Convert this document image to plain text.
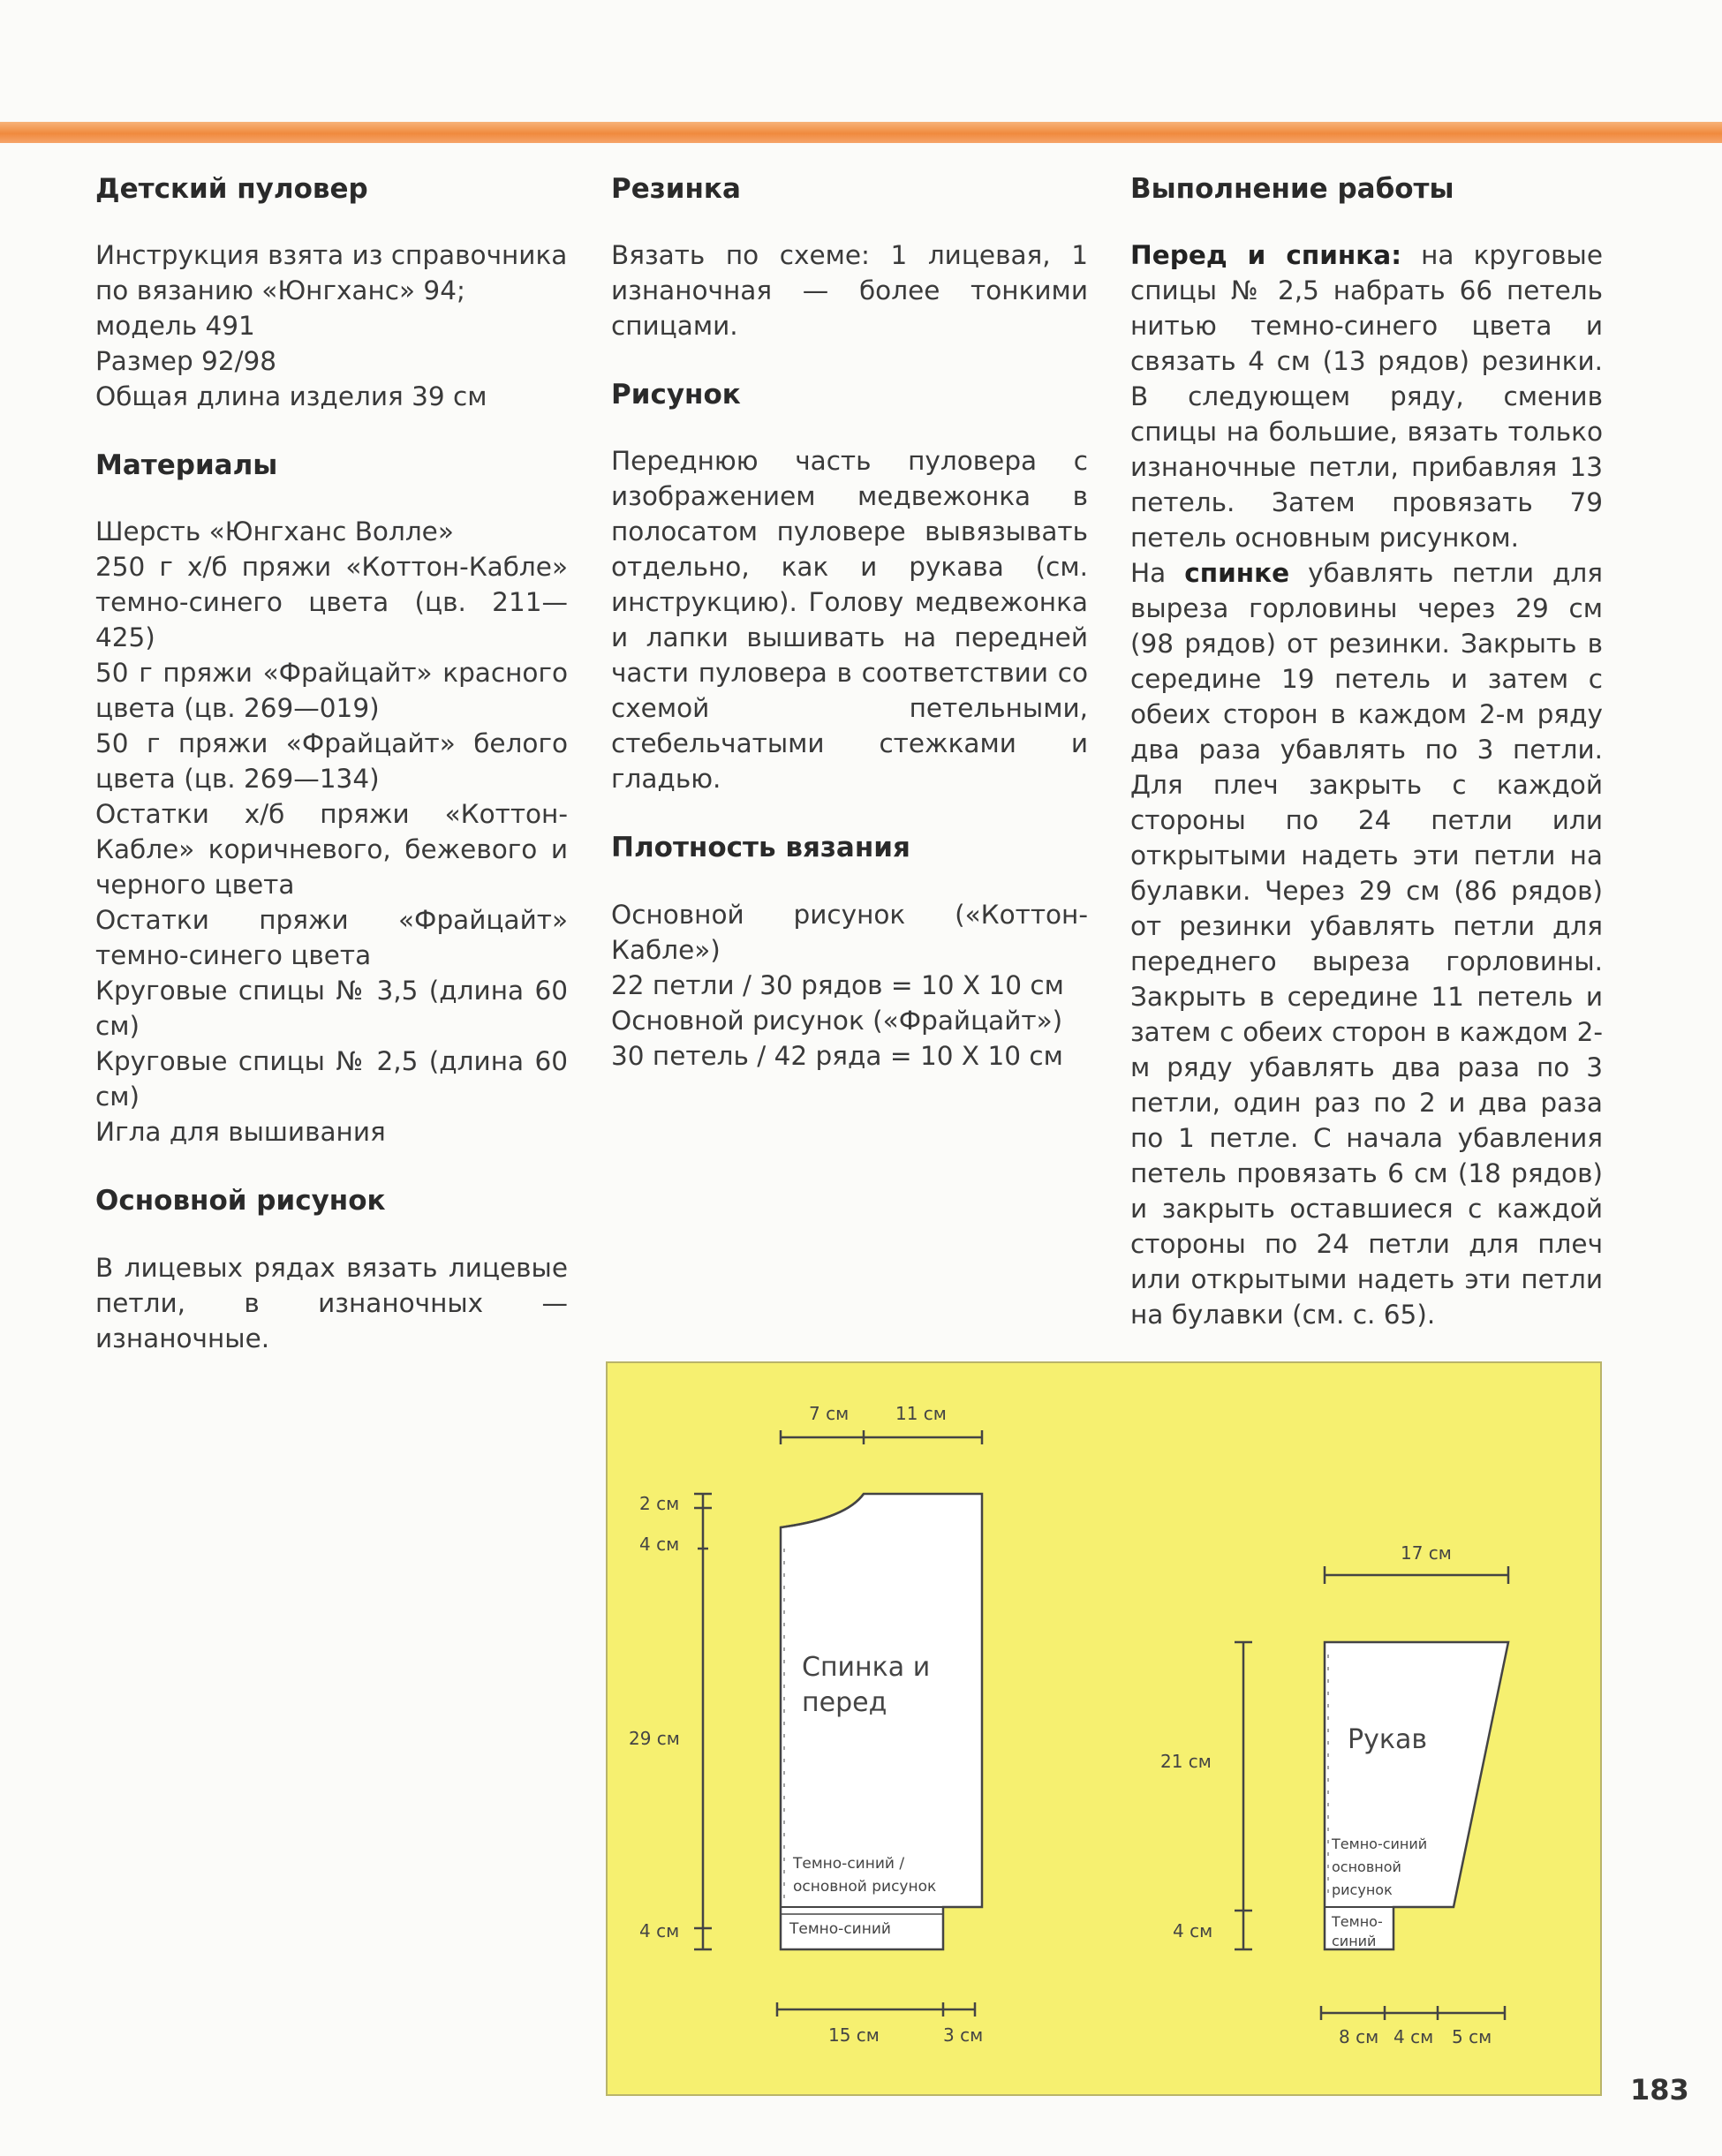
Детский пуловер
Инструкция взята из справочника
по вязанию «Юнгханс» 94;
модель 491
Размер 92/98
Общая длина изделия 39 см
Материалы

Шерсть «Юнгханс Волле»

250 г х/б пряжи «Коттон-Кабле» темно-синего цвета (цв. 211—425)

50 г пряжи «Фрайцайт» красного цвета (цв. 269—019)

50 г пряжи «Фрайцайт» белого цвета (цв. 269—134)

Остатки х/б пряжи «Коттон-Кабле» коричневого, бежевого и черного цвета

Остатки пряжи «Фрайцайт» темно-синего цвета

Круговые спицы № 3,5 (длина 60 см)

Круговые спицы № 2,5 (длина 60 см)

Игла для вышивания

Основной рисунок

В лицевых рядах вязать лицевые петли, в изнаночных — изнаночные.

Резинка

Вязать по схеме: 1 лицевая, 1 изнаночная — более тонкими спицами.

Рисунок

Переднюю часть пуловера с изображением медвежонка в полосатом пуловере вывязывать отдельно, как и рукава (см. инструкцию). Голову медвежонка и лапки вышивать на передней части пуловера в соответствии со схемой петельными, стебельчатыми стежками и гладью.

Плотность вязания

Основной рисунок («Коттон-Кабле»)

22 петли / 30 рядов = 10 X 10 см

Основной рисунок («Фрайцайт»)

30 петель / 42 ряда = 10 X 10 см

Выполнение работы

Перед и спинка: на круговые спицы № 2,5 набрать 66 петель нитью темно-синего цвета и связать 4 см (13 рядов) резинки. В следующем ряду, сменив спицы на большие, вязать только изнаночные петли, прибавляя 13 петель. Затем провязать 79 петель основным рисунком.

На спинке убавлять петли для выреза горловины через 29 см (98 рядов) от резинки. Закрыть в середине 19 петель и затем с обеих сторон в каждом 2-м ряду два раза убавлять по 3 петли. Для плеч закрыть с каждой стороны по 24 петли или открытыми надеть эти петли на булавки. Через 29 см (86 рядов) от резинки убавлять петли для переднего выреза горловины. Закрыть в середине 11 петель и затем с обеих сторон в каждом 2-м ряду убавлять два раза по 3 петли, один раз по 2 и два раза по 1 петле. С начала убавления петель провязать 6 см (18 рядов) и закрыть оставшиеся с каждой стороны по 24 петли для плеч или открытыми надеть эти петли на булавки (см. с. 65).

7 см	11 см
2 см
4 см
29 см
4 см
Спинка и
перед
Темно-синий /
основной рисунок
Темно-синий
15 см	3 см
17 см
21 см
4 см
Рукав
Темно-синий
основной
рисунок
Темно-
синий
8 см 4 см 5 см
183
